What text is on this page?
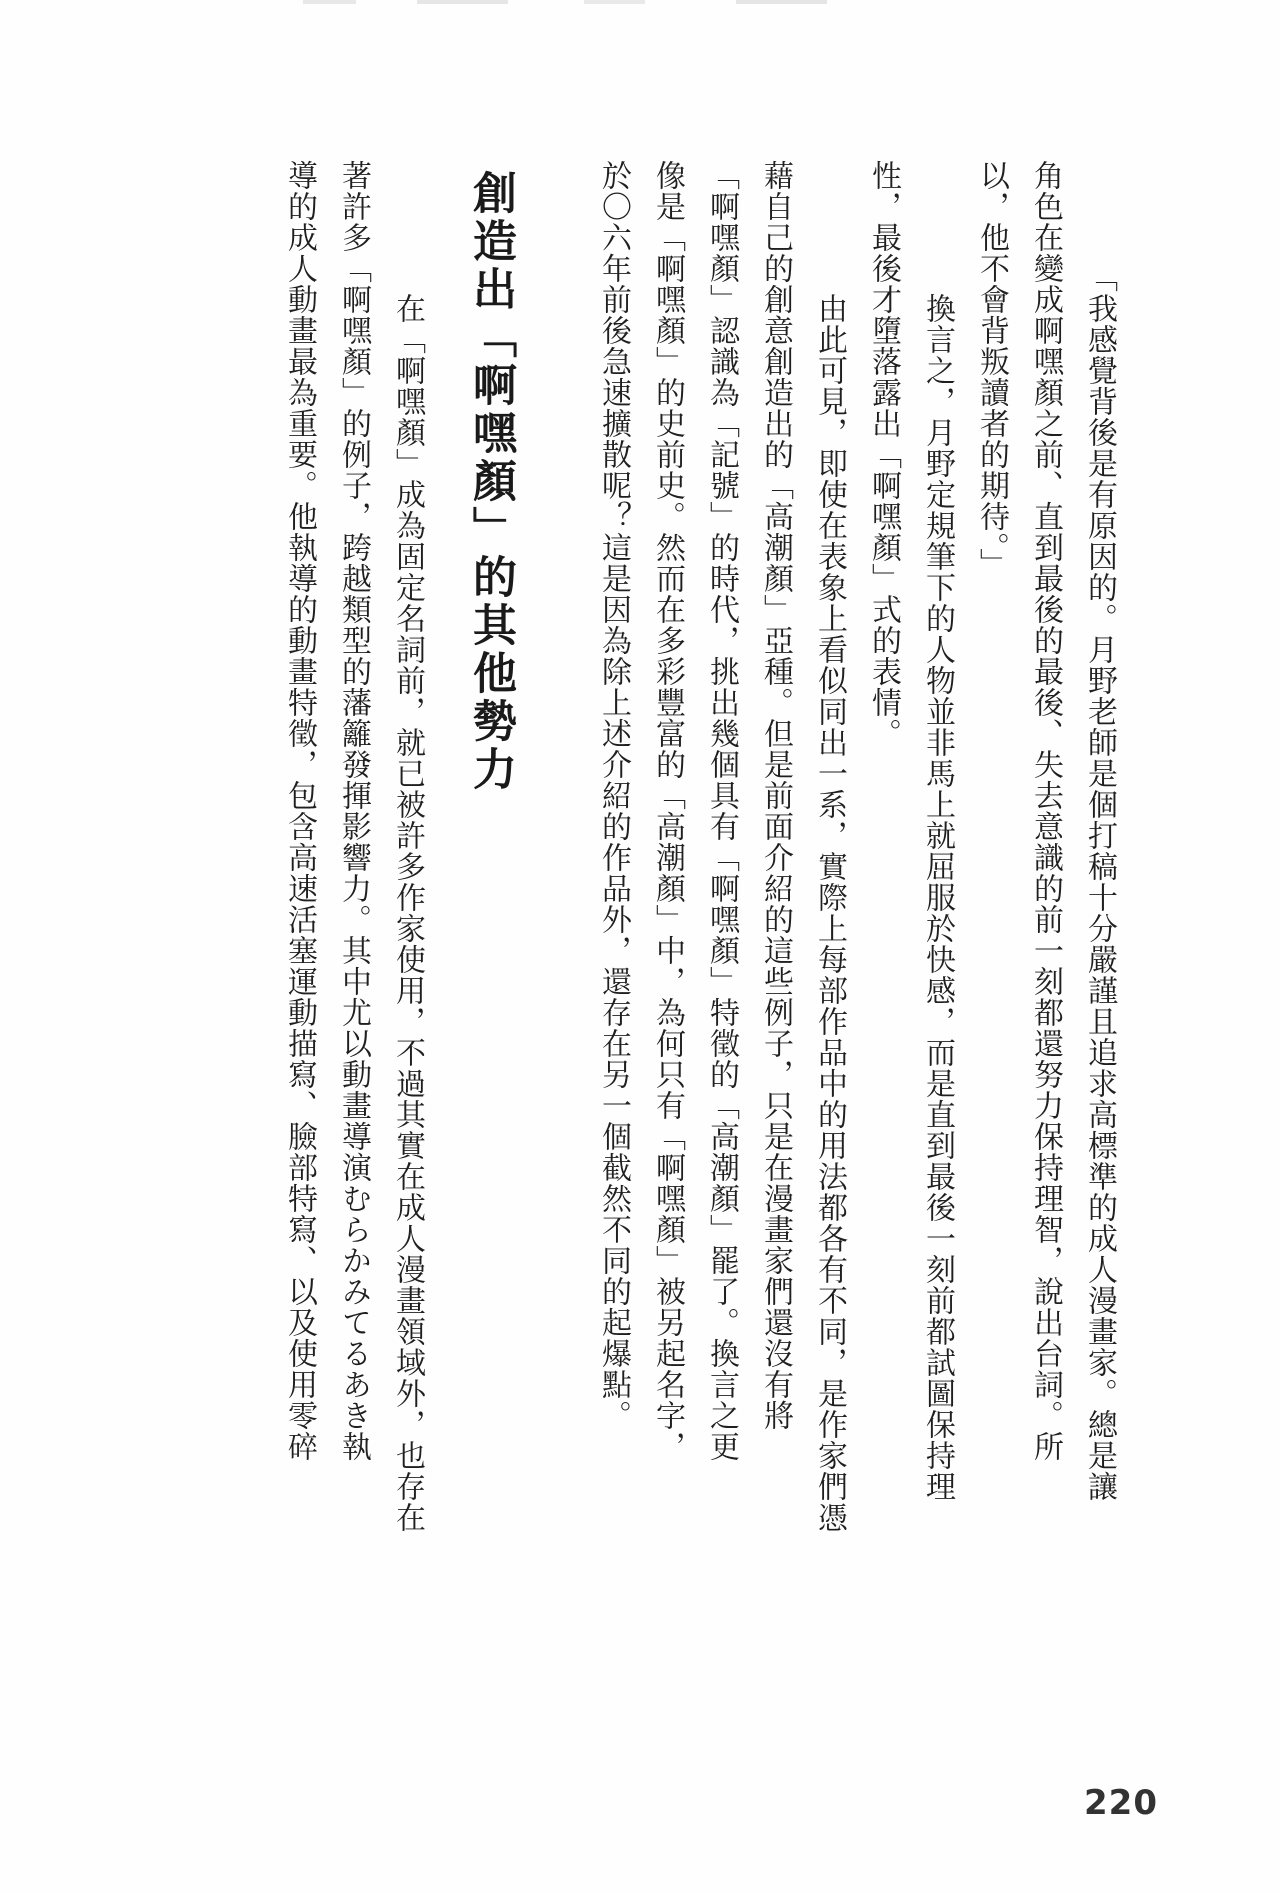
「我感覺背後是有原因的。月野老師是個打稿十分嚴謹且追求高標準的成人漫畫家。總是讓
角色在變成啊嘿顏之前、直到最後的最後、失去意識的前一刻都還努力保持理智，說出台詞。所
以，他不會背叛讀者的期待。」
　換言之，月野定規筆下的人物並非馬上就屈服於快感，而是直到最後一刻前都試圖保持理
性，最後才墮落露出「啊嘿顏」式的表情。
　由此可見，即使在表象上看似同出一系，實際上每部作品中的用法都各有不同，是作家們憑
藉自己的創意創造出的「高潮顏」亞種。但是前面介紹的這些例子，只是在漫畫家們還沒有將
「啊嘿顏」認識為「記號」的時代，挑出幾個具有「啊嘿顏」特徵的「高潮顏」罷了。換言之更
像是「啊嘿顏」的史前史。然而在多彩豐富的「高潮顏」中，為何只有「啊嘿顏」被另起名字，
於〇六年前後急速擴散呢？這是因為除上述介紹的作品外，還存在另一個截然不同的起爆點。
創造出「啊嘿顏」的其他勢力
　在「啊嘿顏」成為固定名詞前，就已被許多作家使用，不過其實在成人漫畫領域外，也存在
著許多「啊嘿顏」的例子，跨越類型的藩籬發揮影響力。其中尤以動畫導演むらかみてるあき執
導的成人動畫最為重要。他執導的動畫特徵，包含高速活塞運動描寫、臉部特寫、以及使用零碎
220
